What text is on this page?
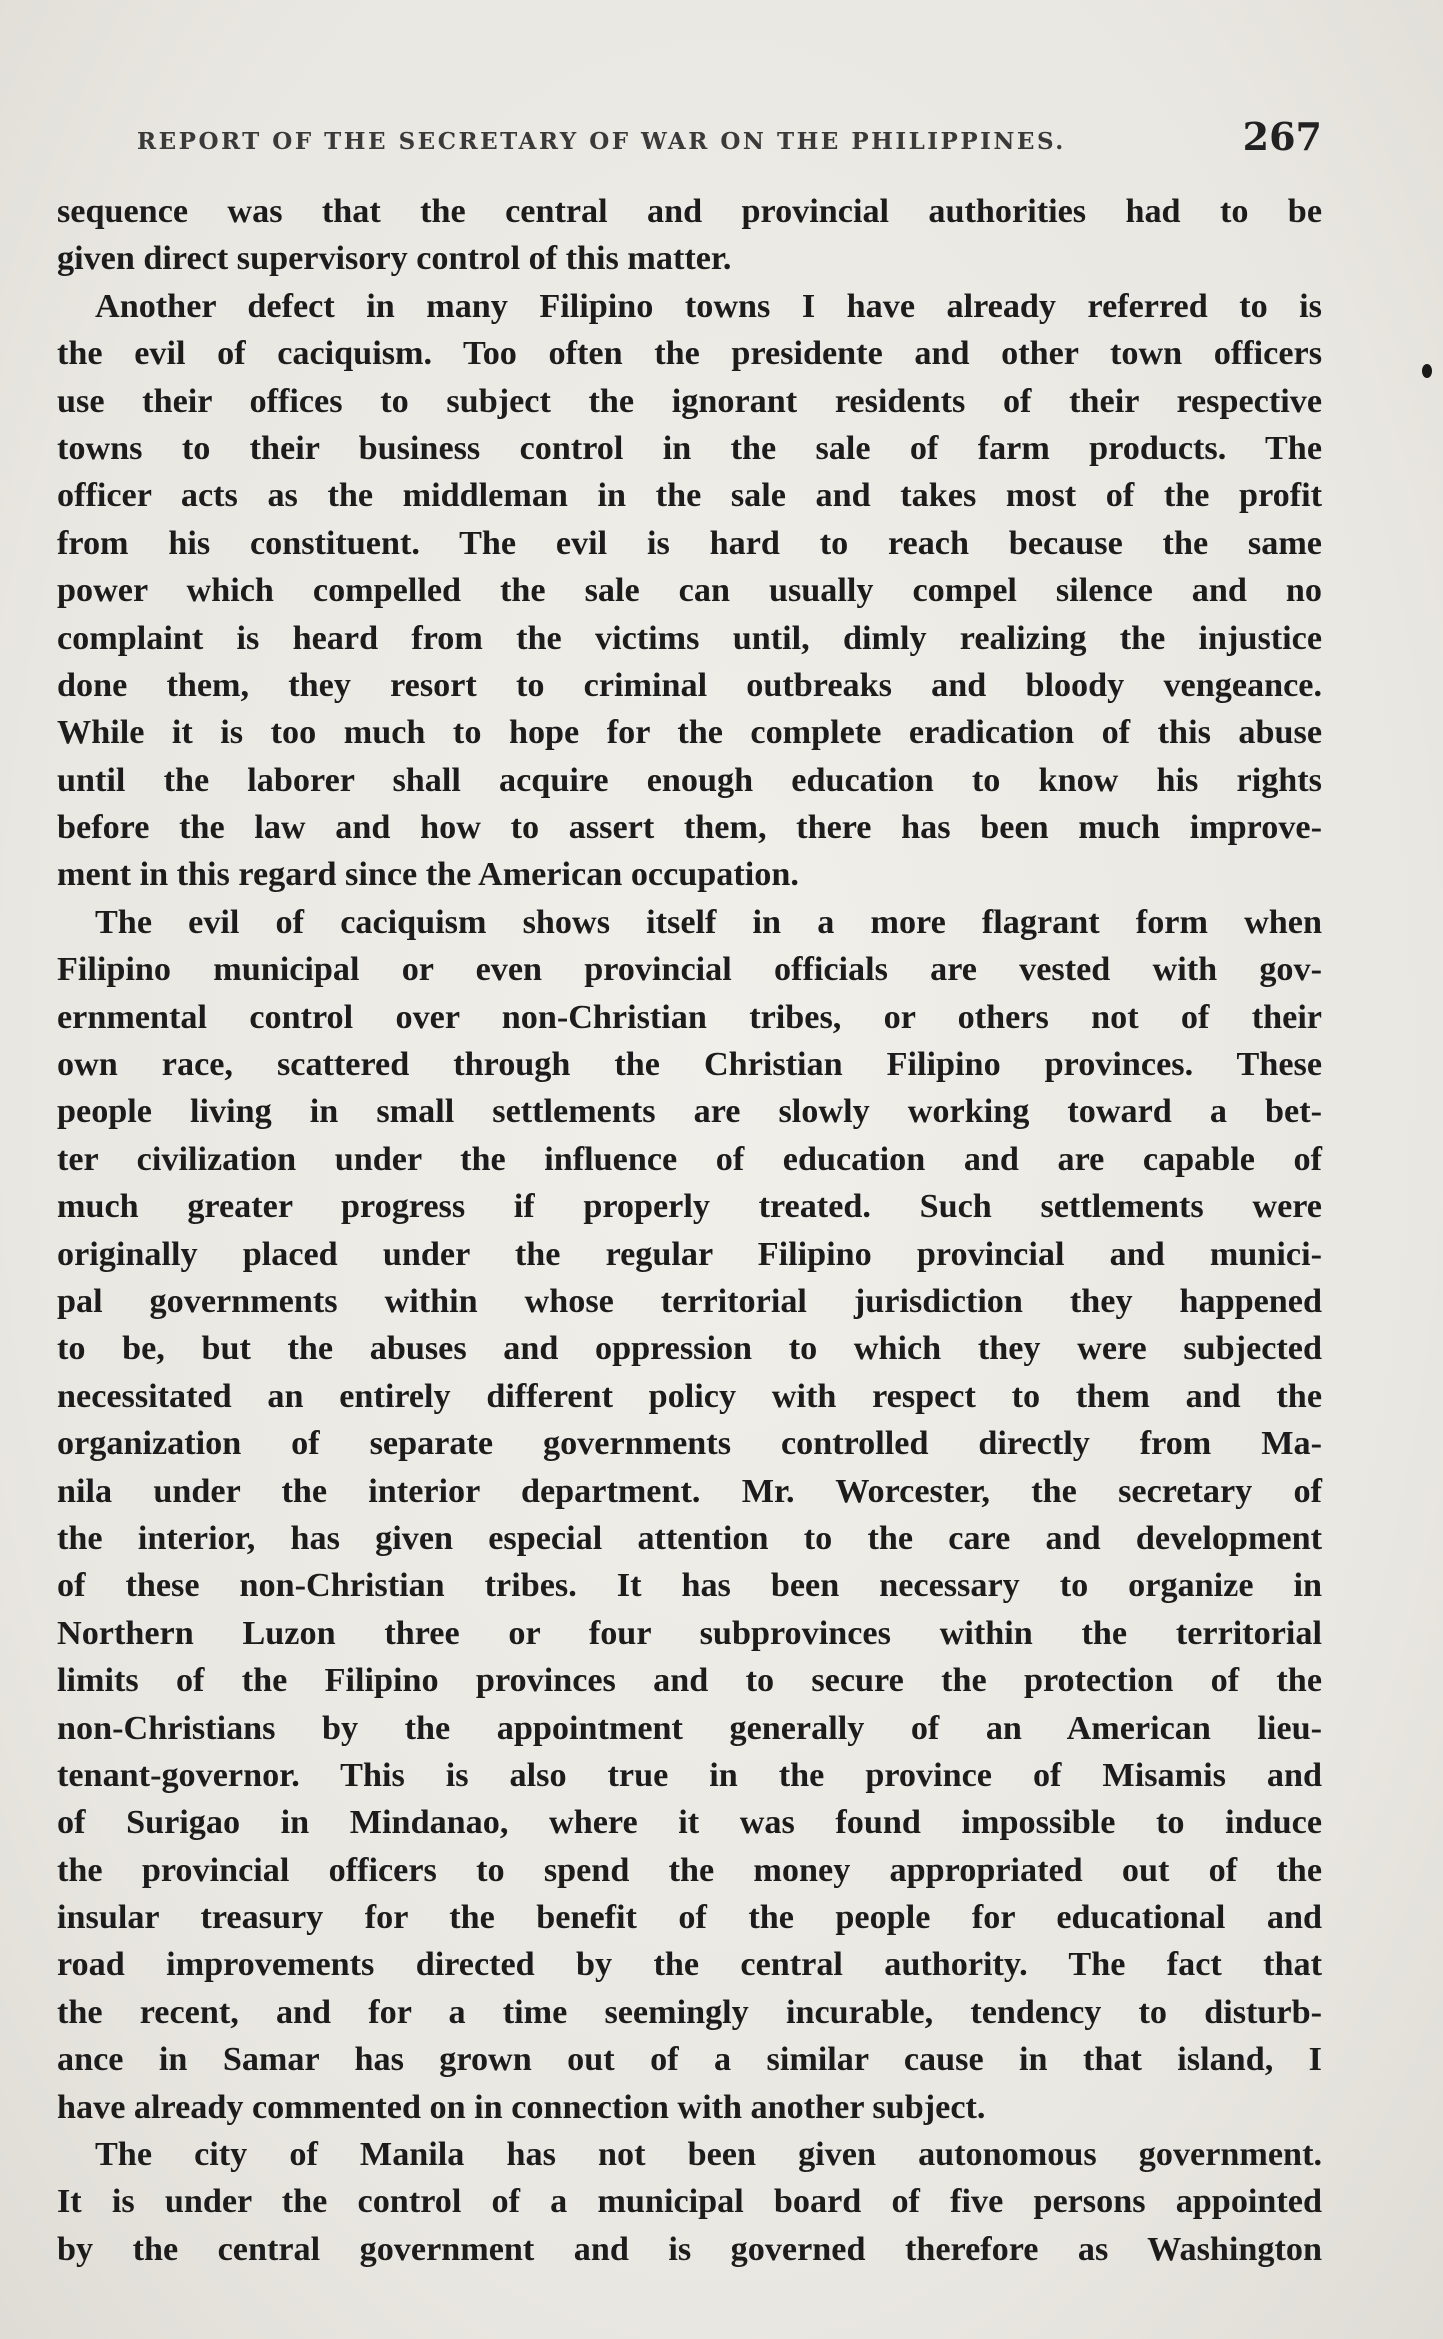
REPORT OF THE SECRETARY OF WAR ON THE PHILIPPINES.	267
sequence was that the central and provincial authorities had to be
given direct supervisory control of this matter.
Another defect in many Filipino towns I have already referred to is
the evil of caciquism. Too often the presidente and other town officers
use their offices to subject the ignorant residents of their respective
towns to their business control in the sale of farm products. The
officer acts as the middleman in the sale and takes most of the profit
from his constituent. The evil is hard to reach because the same
power which compelled the sale can usually compel silence and no
complaint is heard from the victims until, dimly realizing the injustice
done them, they resort to criminal outbreaks and bloody vengeance.
While it is too much to hope for the complete eradication of this abuse
until the laborer shall acquire enough education to know his rights
before the law and how to assert them, there has been much improve-
ment in this regard since the American occupation.
The evil of caciquism shows itself in a more flagrant form when
Filipino municipal or even provincial officials are vested with gov-
ernmental control over non-Christian tribes, or others not of their
own race, scattered through the Christian Filipino provinces. These
people living in small settlements are slowly working toward a bet-
ter civilization under the influence of education and are capable of
much greater progress if properly treated. Such settlements were
originally placed under the regular Filipino provincial and munici-
pal governments within whose territorial jurisdiction they happened
to be, but the abuses and oppression to which they were subjected
necessitated an entirely different policy with respect to them and the
organization of separate governments controlled directly from Ma-
nila under the interior department. Mr. Worcester, the secretary of
the interior, has given especial attention to the care and development
of these non-Christian tribes. It has been necessary to organize in
Northern Luzon three or four subprovinces within the territorial
limits of the Filipino provinces and to secure the protection of the
non-Christians by the appointment generally of an American lieu-
tenant-governor. This is also true in the province of Misamis and
of Surigao in Mindanao, where it was found impossible to induce
the provincial officers to spend the money appropriated out of the
insular treasury for the benefit of the people for educational and
road improvements directed by the central authority. The fact that
the recent, and for a time seemingly incurable, tendency to disturb-
ance in Samar has grown out of a similar cause in that island, I
have already commented on in connection with another subject.
The city of Manila has not been given autonomous government.
It is under the control of a municipal board of five persons appointed
by the central government and is governed therefore as Washington
